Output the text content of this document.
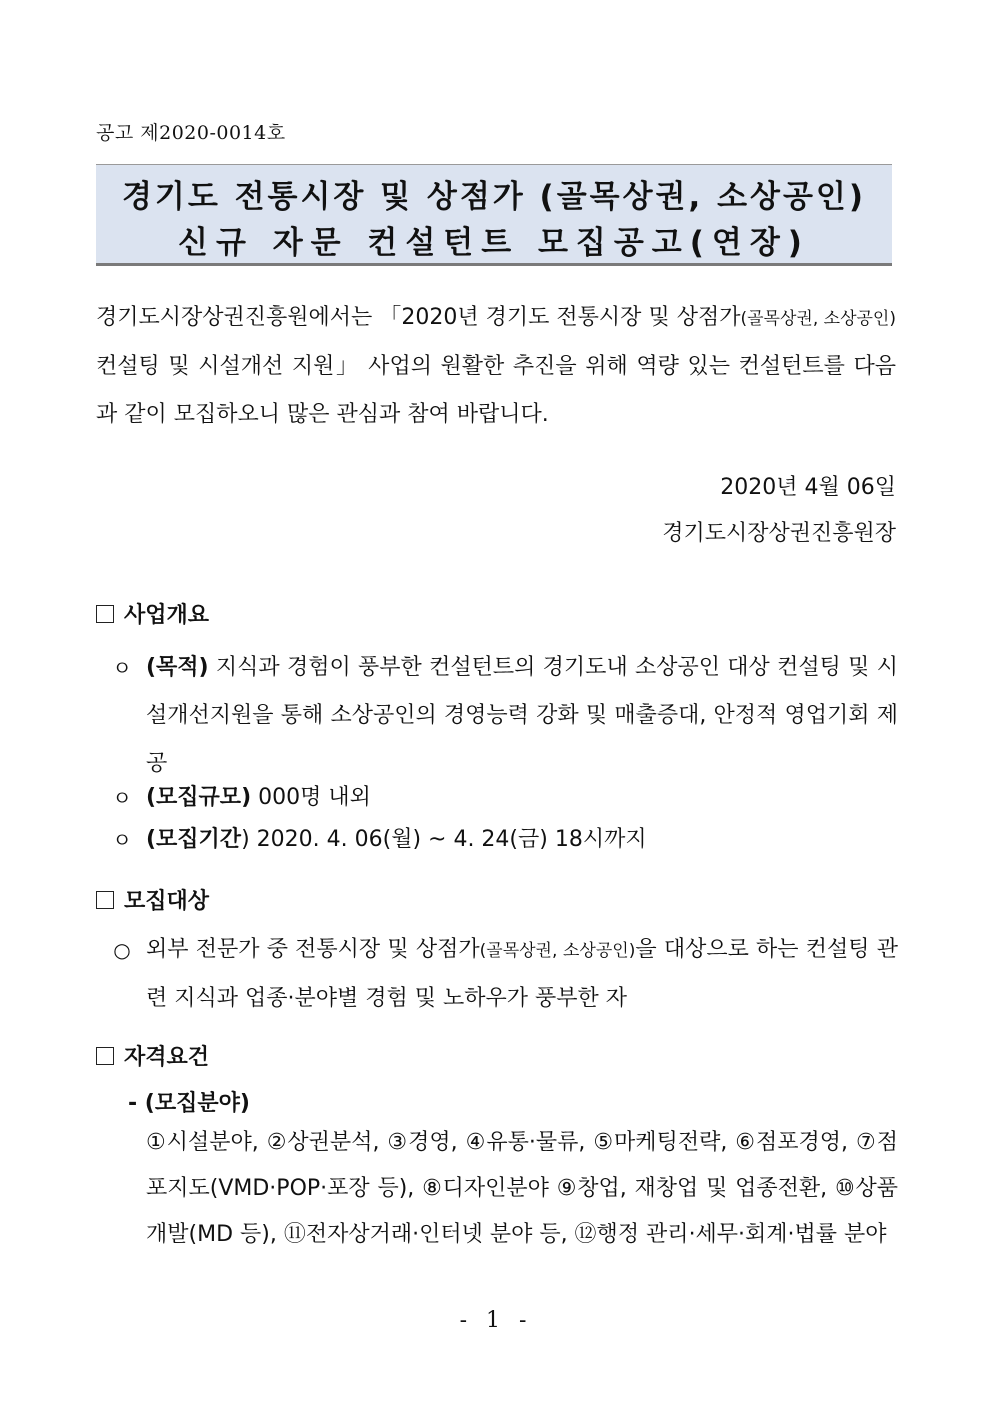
공고 제2020-0014호
경기도 전통시장 및 상점가 (골목상권, 소상공인)
신규 자문 컨설턴트 모집공고(연장)
경기도시장상권진흥원에서는 「2020년 경기도 전통시장 및 상점가(골목상권, 소상공인) 컨설팅 및 시설개선 지원」 사업의 원활한 추진을 위해 역량 있는 컨설턴트를 다음과 같이 모집하오니 많은 관심과 참여 바랍니다.
2020년 4월 06일
경기도시장상권진흥원장
사업개요
ㅇ (목적) 지식과 경험이 풍부한 컨설턴트의 경기도내 소상공인 대상 컨설팅 및 시설개선지원을 통해 소상공인의 경영능력 강화 및 매출증대, 안정적 영업기회 제공
ㅇ (모집규모) 000명 내외
ㅇ (모집기간) 2020. 4. 06(월) ~ 4. 24(금) 18시까지
모집대상
○ 외부 전문가 중 전통시장 및 상점가(골목상권, 소상공인)을 대상으로 하는 컨설팅 관련 지식과 업종·분야별 경험 및 노하우가 풍부한 자
자격요건
- (모집분야)
①시설분야, ②상권분석, ③경영, ④유통·물류, ⑤마케팅전략, ⑥점포경영, ⑦점포지도(VMD·POP·포장 등), ⑧디자인분야 ⑨창업, 재창업 및 업종전환, ⑩상품 개발(MD 등), ⑪전자상거래·인터넷 분야 등, ⑫행정 관리·세무·회계·법률 분야
- 1 -
